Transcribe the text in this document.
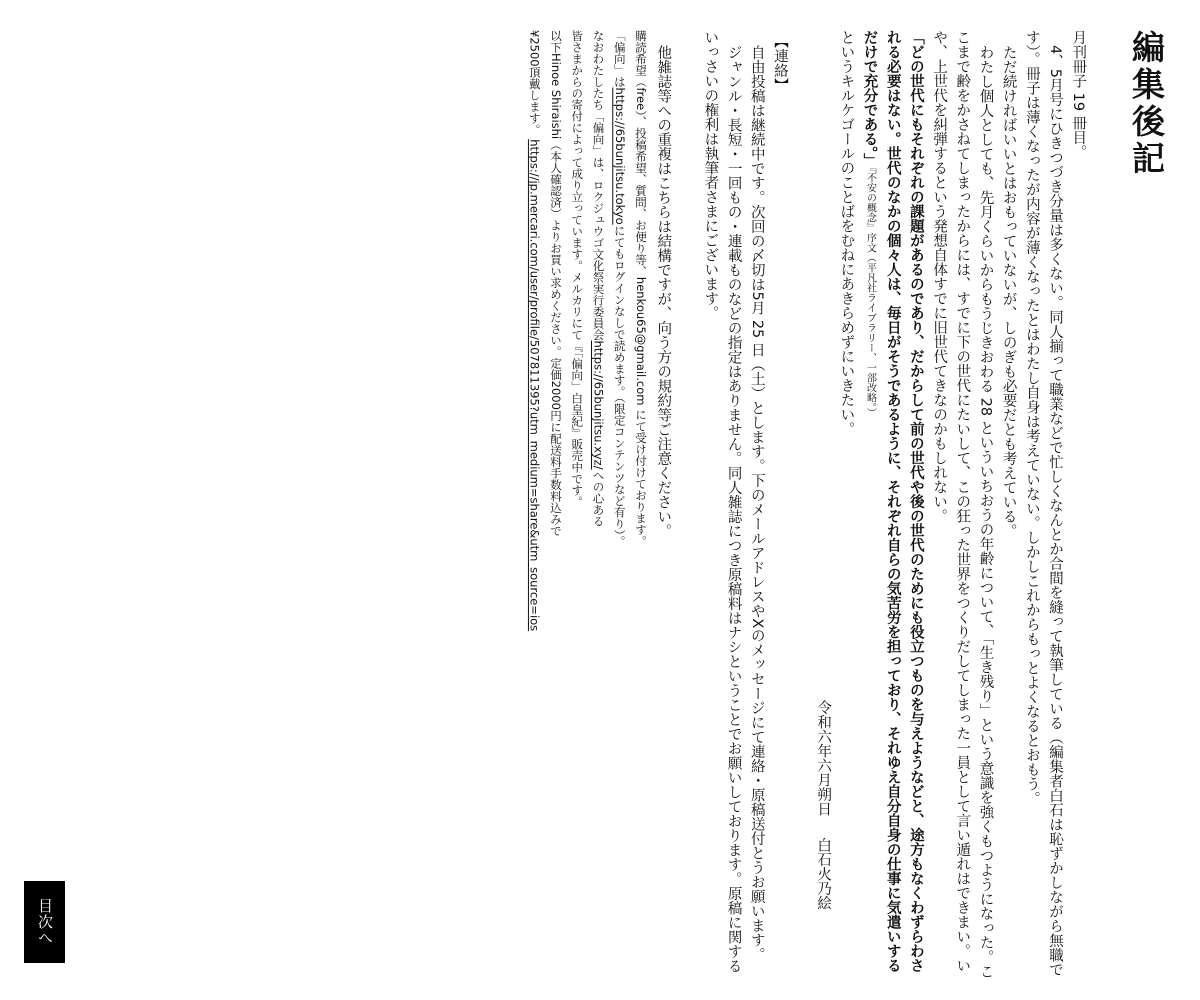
編集後記

月刊冊子 19 冊目。

4、5月号にひきつづき分量は多くない。同人揃って職業などで忙しくなんとか合間を縫って執筆している（編集者白石は恥ずかしながら無職です）。冊子は薄くなったが内容が薄くなったとはわたし自身は考えていない。しかしこれからもっとよくなるとおもう。

ただ続ければいいとはおもっていないが、しのぎも必要だとも考えている。

わたし個人としても、先月くらいからもうじきおわる 28 といういちおうの年齢について、「生き残り」という意識を強くもつようになった。ここまで齢をかさねてしまったからには、すでに下の世代にたいして、この狂った世界をつくりだしてしまった一員として言い遁れはできまい。いや、上世代を糾弾するという発想自体すでに旧世代てきなのかもしれない。

「どの世代にもそれぞれの課題があるのであり、だからして前の世代や後の世代のためにも役立つものを与えようなどと、途方もなくわずらわされる必要はない。世代のなかの個々人は、毎日がそうであるように、それぞれ自らの気苦労を担っており、それゆえ自分自身の仕事に気遣いするだけで充分である。」『不安の概念』序文（平凡社ライブラリー、一部改略。）

というキルケゴールのことばをむねにあきらめずにいきたい。

令和六年六月朔日白石火乃絵

【連絡】

自由投稿は継続中です。次回の〆切は5月 25 日（土）とします。下のメールアドレスやXのメッセージにて連絡・原稿送付とうお願います。

ジャンル・長短・一回もの・連載ものなどの指定はありません。同人雑誌につき原稿料はナシということでお願いしております。原稿に関するいっさいの権利は執筆者さまにございます。

他雑誌等への重複はこちらは結構ですが、向う方の規約等ご注意ください。

購読希望（free）、投稿希望、質問、お便り等、henkou65@gmail.com にて受け付けております。

「偏向」はhttps://65bunjitsu.tokyoにてもログインなしで読めます。（限定コンテンツなど有り）。

なおわたしたち「偏向」は、ロクジュウゴ文化祭実行委員会https://65bunjitsu.xyz/への心ある

皆さまからの寄付によって成り立っています。メルカリにて『「偏向」白皇紀』販売中です。

以下Hinoe Shiraishi（本人確認済）よりお買い求めください。定価2000円に配送料手数料込みで

¥2500頂戴します。 https://jp.mercari.com/user/profile/507811395?utm_medium=share&utm_source=ios

目次へ
